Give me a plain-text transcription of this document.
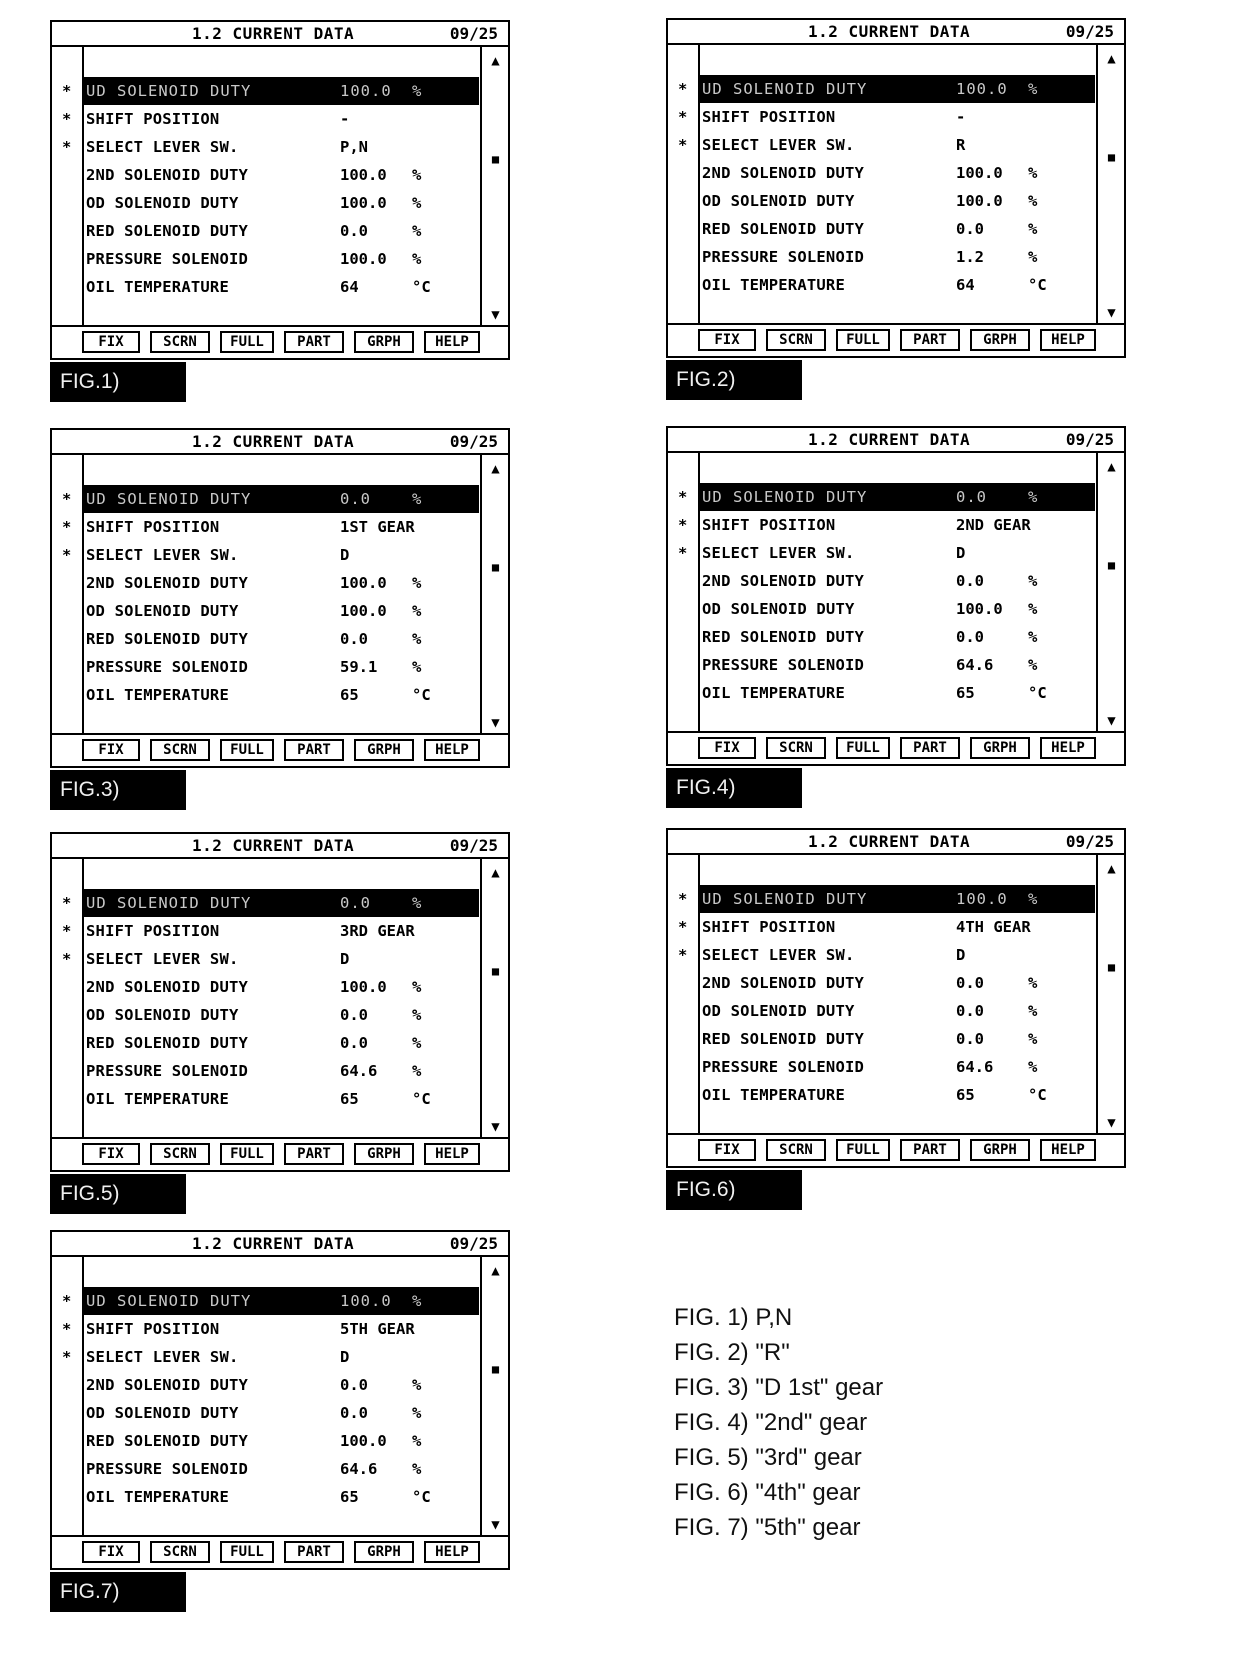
1.2 CURRENT DATA	09/25
▲
■
▼
* UD SOLENOID DUTY	100.0 %
* SHIFT POSITION	-
* SELECT LEVER SW.	P,N
2ND SOLENOID DUTY	100.0 %
OD SOLENOID DUTY	100.0 %
RED SOLENOID DUTY	0.0	%
PRESSURE SOLENOID	100.0 %
OIL TEMPERATURE	64	°C
FIX	SCRN	FULL	PART	GRPH	HELP
FIG.1)
1.2 CURRENT DATA	09/25
▲
■
▼
* UD SOLENOID DUTY	100.0 %
* SHIFT POSITION	-
* SELECT LEVER SW.	R
2ND SOLENOID DUTY	100.0 %
OD SOLENOID DUTY	100.0 %
RED SOLENOID DUTY	0.0	%
PRESSURE SOLENOID	1.2	%
OIL TEMPERATURE	64	°C
FIX	SCRN	FULL	PART	GRPH	HELP
FIG.2)
1.2 CURRENT DATA	09/25
▲
■
▼
* UD SOLENOID DUTY	0.0	%
* SHIFT POSITION	1ST GEAR
* SELECT LEVER SW.	D
2ND SOLENOID DUTY	100.0 %
OD SOLENOID DUTY	100.0 %
RED SOLENOID DUTY	0.0	%
PRESSURE SOLENOID	59.1 %
OIL TEMPERATURE	65	°C
FIX	SCRN	FULL	PART	GRPH	HELP
FIG.3)
1.2 CURRENT DATA	09/25
▲
■
▼
* UD SOLENOID DUTY	0.0	%
* SHIFT POSITION	2ND GEAR
* SELECT LEVER SW.	D
2ND SOLENOID DUTY	0.0	%
OD SOLENOID DUTY	100.0 %
RED SOLENOID DUTY	0.0	%
PRESSURE SOLENOID	64.6 %
OIL TEMPERATURE	65	°C
FIX	SCRN	FULL	PART	GRPH	HELP
FIG.4)
1.2 CURRENT DATA	09/25
▲
■
▼
* UD SOLENOID DUTY	0.0	%
* SHIFT POSITION	3RD GEAR
* SELECT LEVER SW.	D
2ND SOLENOID DUTY	100.0 %
OD SOLENOID DUTY	0.0	%
RED SOLENOID DUTY	0.0	%
PRESSURE SOLENOID	64.6 %
OIL TEMPERATURE	65	°C
FIX	SCRN	FULL	PART	GRPH	HELP
FIG.5)
1.2 CURRENT DATA	09/25
▲
■
▼
* UD SOLENOID DUTY	100.0 %
* SHIFT POSITION	4TH GEAR
* SELECT LEVER SW.	D
2ND SOLENOID DUTY	0.0	%
OD SOLENOID DUTY	0.0	%
RED SOLENOID DUTY	0.0	%
PRESSURE SOLENOID	64.6 %
OIL TEMPERATURE	65	°C
FIX	SCRN	FULL	PART	GRPH	HELP
FIG.6)
1.2 CURRENT DATA	09/25
▲
■
▼
* UD SOLENOID DUTY	100.0 %
* SHIFT POSITION	5TH GEAR
* SELECT LEVER SW.	D
2ND SOLENOID DUTY	0.0	%
OD SOLENOID DUTY	0.0	%
RED SOLENOID DUTY	100.0 %
PRESSURE SOLENOID	64.6 %
OIL TEMPERATURE	65	°C
FIX	SCRN	FULL	PART	GRPH	HELP
FIG.7)
FIG. 1) P,N
FIG. 2) "R"
FIG. 3) "D 1st" gear
FIG. 4) "2nd" gear
FIG. 5) "3rd" gear
FIG. 6) "4th" gear
FIG. 7) "5th" gear
